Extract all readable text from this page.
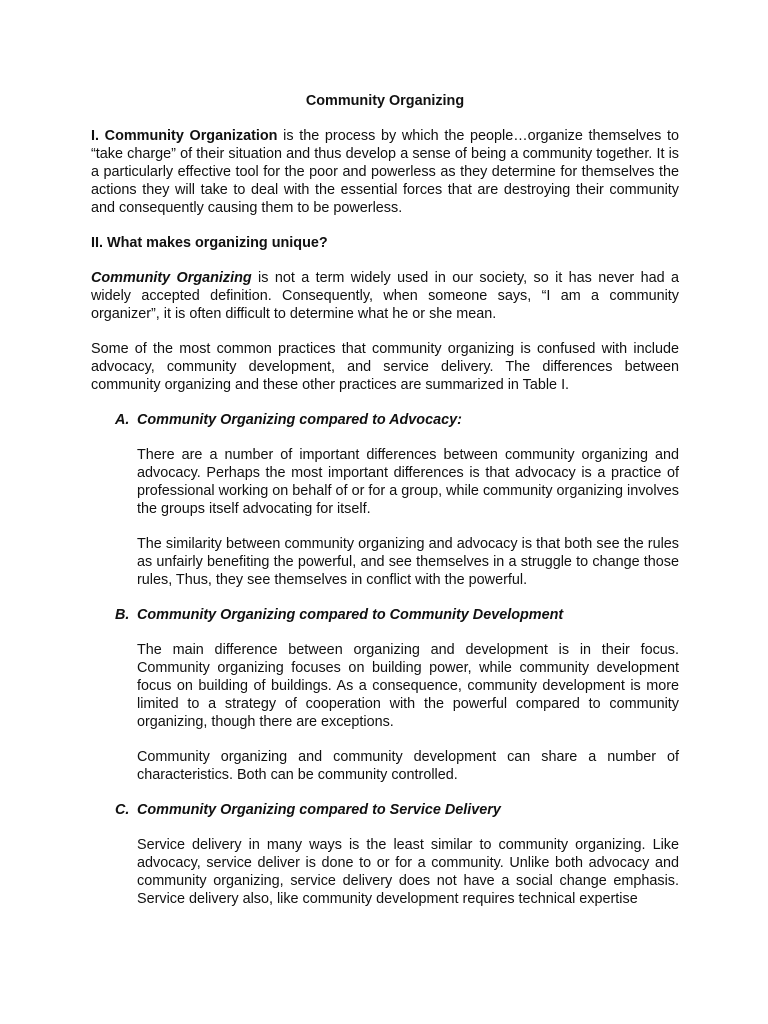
Community Organizing

I. Community Organization is the process by which the people…organize themselves to “take charge” of their situation and thus develop a sense of being a community together. It is a particularly effective tool for the poor and powerless as they determine for themselves the actions they will take to deal with the essential forces that are destroying their community and consequently causing them to be powerless.

II. What makes organizing unique?

Community Organizing is not a term widely used in our society, so it has never had a widely accepted definition. Consequently, when someone says, “I am a community organizer”, it is often difficult to determine what he or she mean.

Some of the most common practices that community organizing is confused with include advocacy, community development, and service delivery. The differences between community organizing and these other practices are summarized in Table I.

A. Community Organizing compared to Advocacy:

There are a number of important differences between community organizing and advocacy. Perhaps the most important differences is that advocacy is a practice of professional working on behalf of or for a group, while community organizing involves the groups itself advocating for itself.

The similarity between community organizing and advocacy is that both see the rules as unfairly benefiting the powerful, and see themselves in a struggle to change those rules, Thus, they see themselves in conflict with the powerful.

B. Community Organizing compared to Community Development

The main difference between organizing and development is in their focus. Community organizing focuses on building power, while community development focus on building of buildings. As a consequence, community development is more limited to a strategy of cooperation with the powerful compared to community organizing, though there are exceptions.

Community organizing and community development can share a number of characteristics. Both can be community controlled.

C. Community Organizing compared to Service Delivery

Service delivery in many ways is the least similar to community organizing. Like advocacy, service deliver is done to or for a community. Unlike both advocacy and community organizing, service delivery does not have a social change emphasis. Service delivery also, like community development requires technical expertise
